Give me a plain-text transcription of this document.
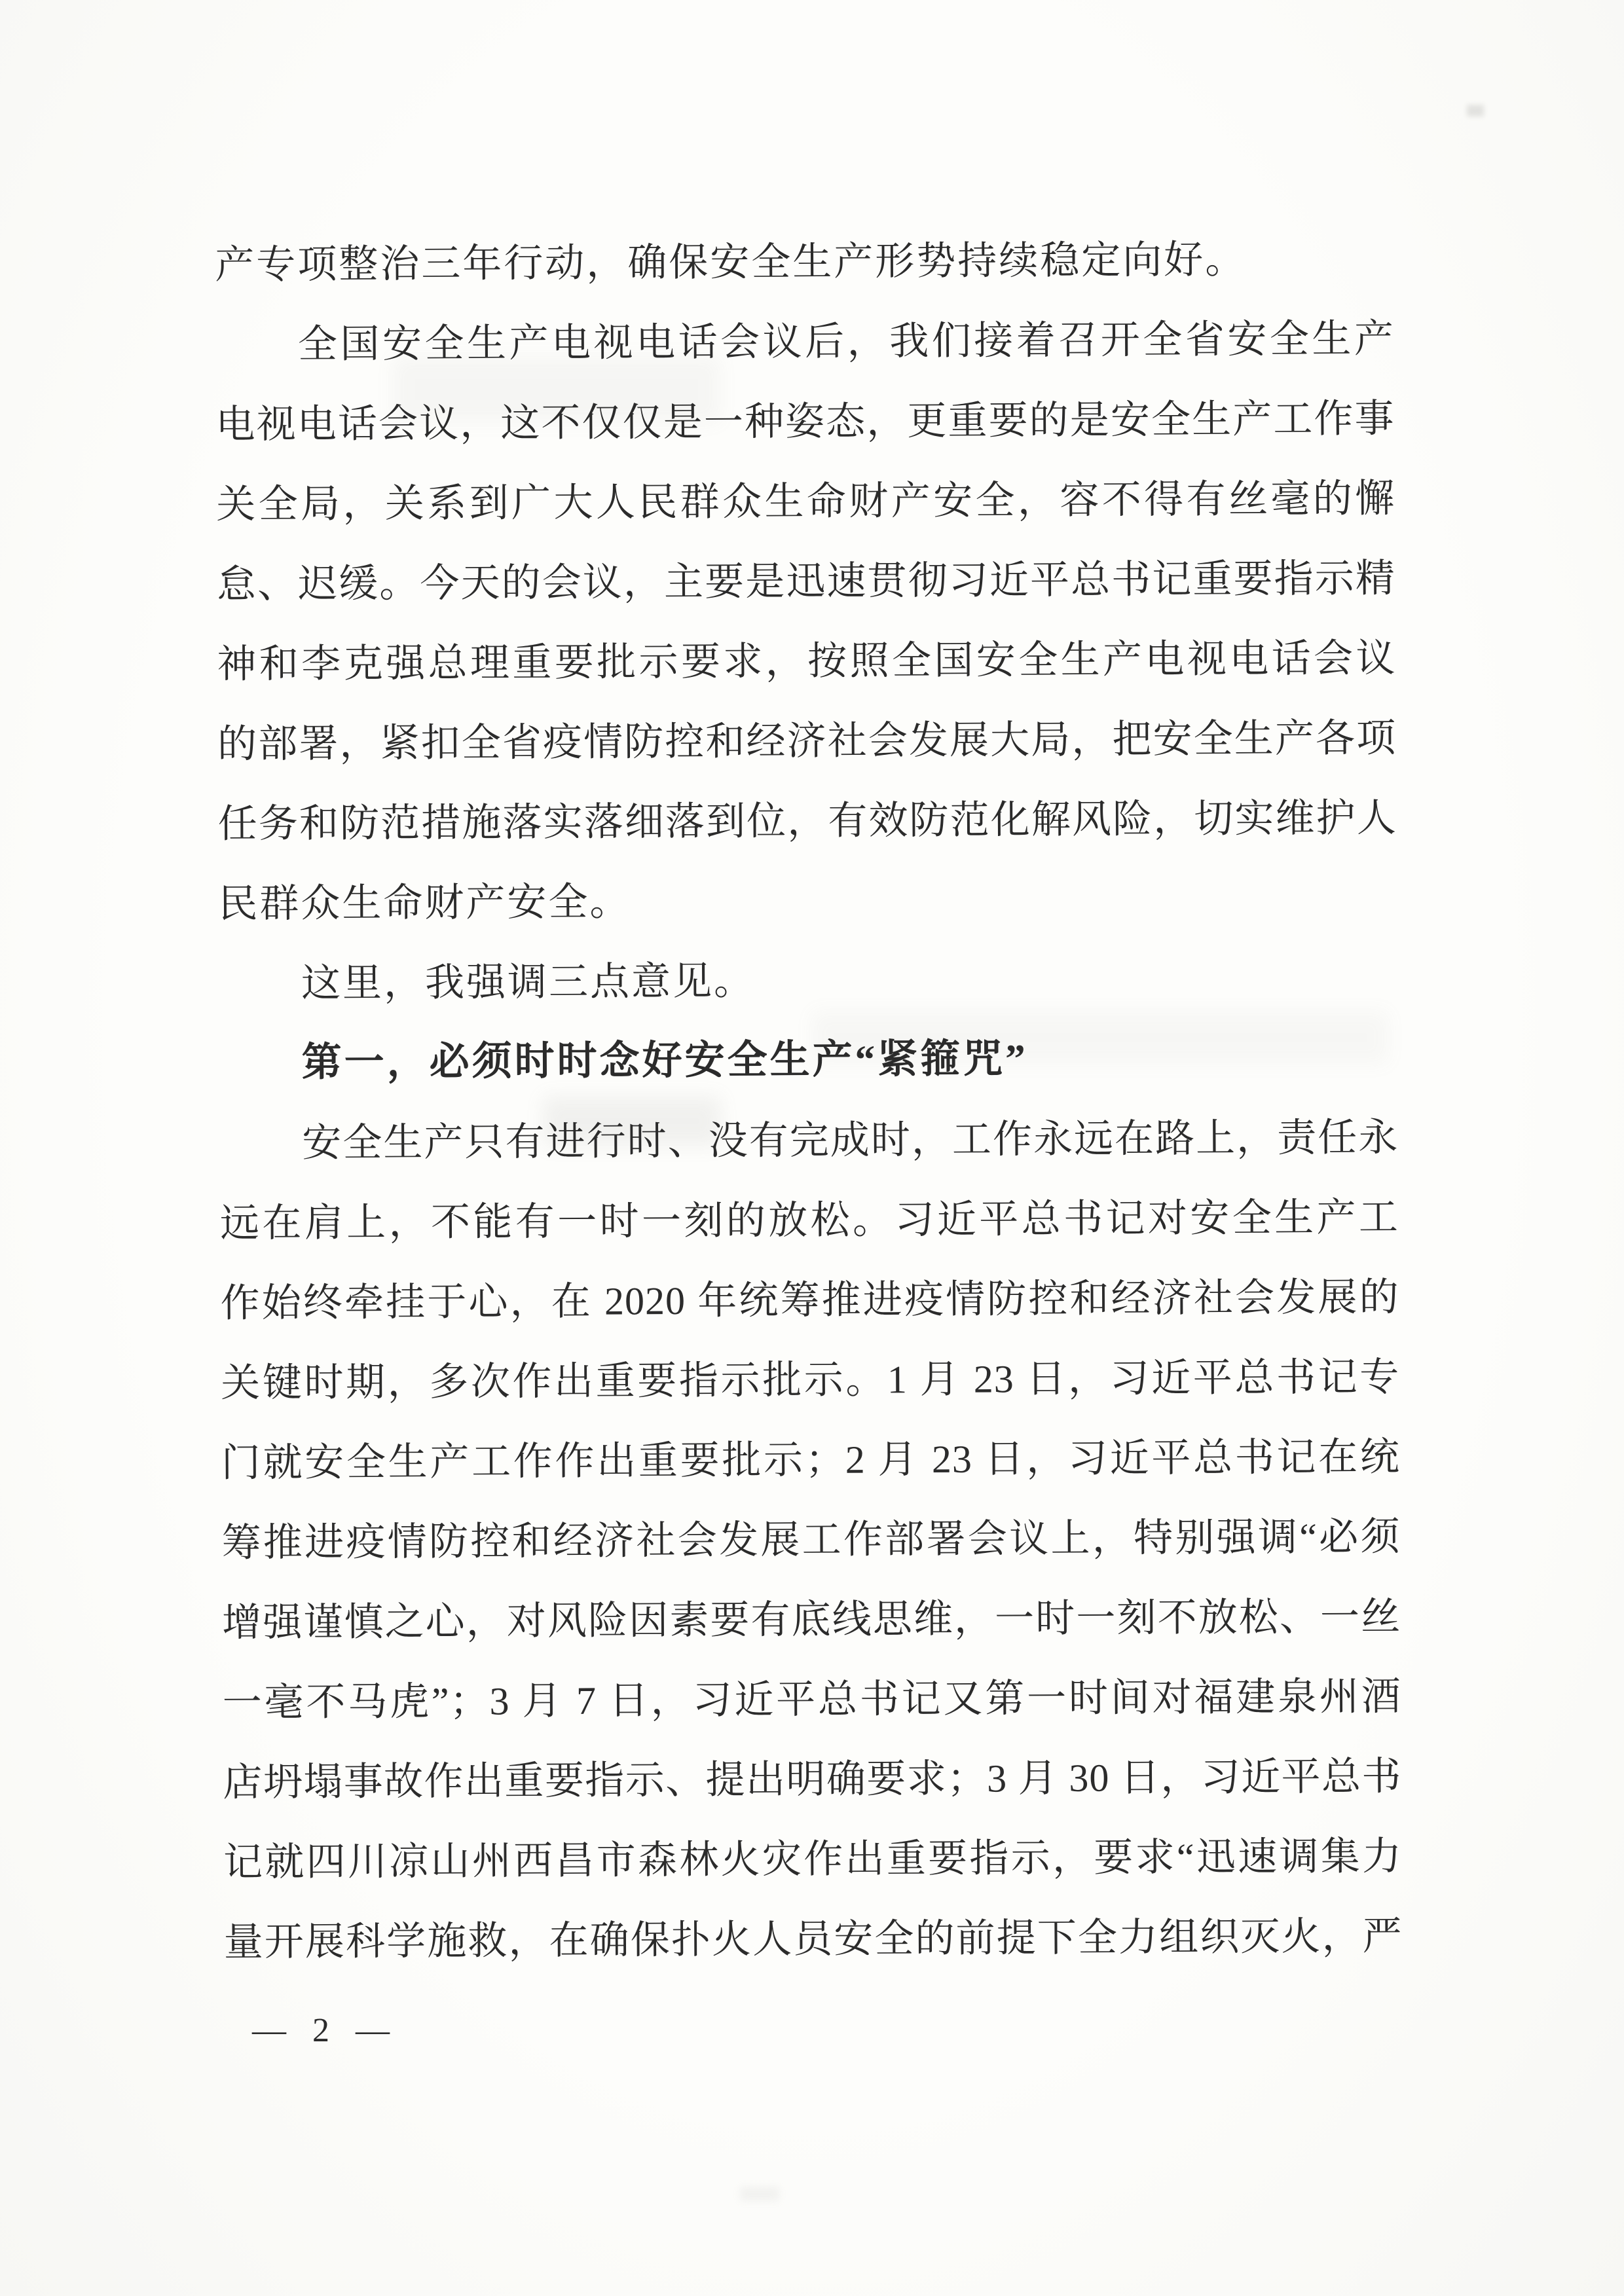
产专项整治三年行动，确保安全生产形势持续稳定向好。
全国安全生产电视电话会议后，我们接着召开全省安全生产
电视电话会议，这不仅仅是一种姿态，更重要的是安全生产工作事
关全局，关系到广大人民群众生命财产安全，容不得有丝毫的懈
怠、迟缓。今天的会议，主要是迅速贯彻习近平总书记重要指示精
神和李克强总理重要批示要求，按照全国安全生产电视电话会议
的部署，紧扣全省疫情防控和经济社会发展大局，把安全生产各项
任务和防范措施落实落细落到位，有效防范化解风险，切实维护人
民群众生命财产安全。
这里，我强调三点意见。
第一，必须时时念好安全生产“紧箍咒”
安全生产只有进行时、没有完成时，工作永远在路上，责任永
远在肩上，不能有一时一刻的放松。习近平总书记对安全生产工
作始终牵挂于心，在 2020 年统筹推进疫情防控和经济社会发展的
关键时期，多次作出重要指示批示。1 月 23 日，习近平总书记专
门就安全生产工作作出重要批示；2 月 23 日，习近平总书记在统
筹推进疫情防控和经济社会发展工作部署会议上，特别强调“必须
增强谨慎之心，对风险因素要有底线思维，一时一刻不放松、一丝
一毫不马虎”；3 月 7 日，习近平总书记又第一时间对福建泉州酒
店坍塌事故作出重要指示、提出明确要求；3 月 30 日，习近平总书
记就四川凉山州西昌市森林火灾作出重要指示，要求“迅速调集力
量开展科学施救，在确保扑火人员安全的前提下全力组织灭火，严
— 2 —
